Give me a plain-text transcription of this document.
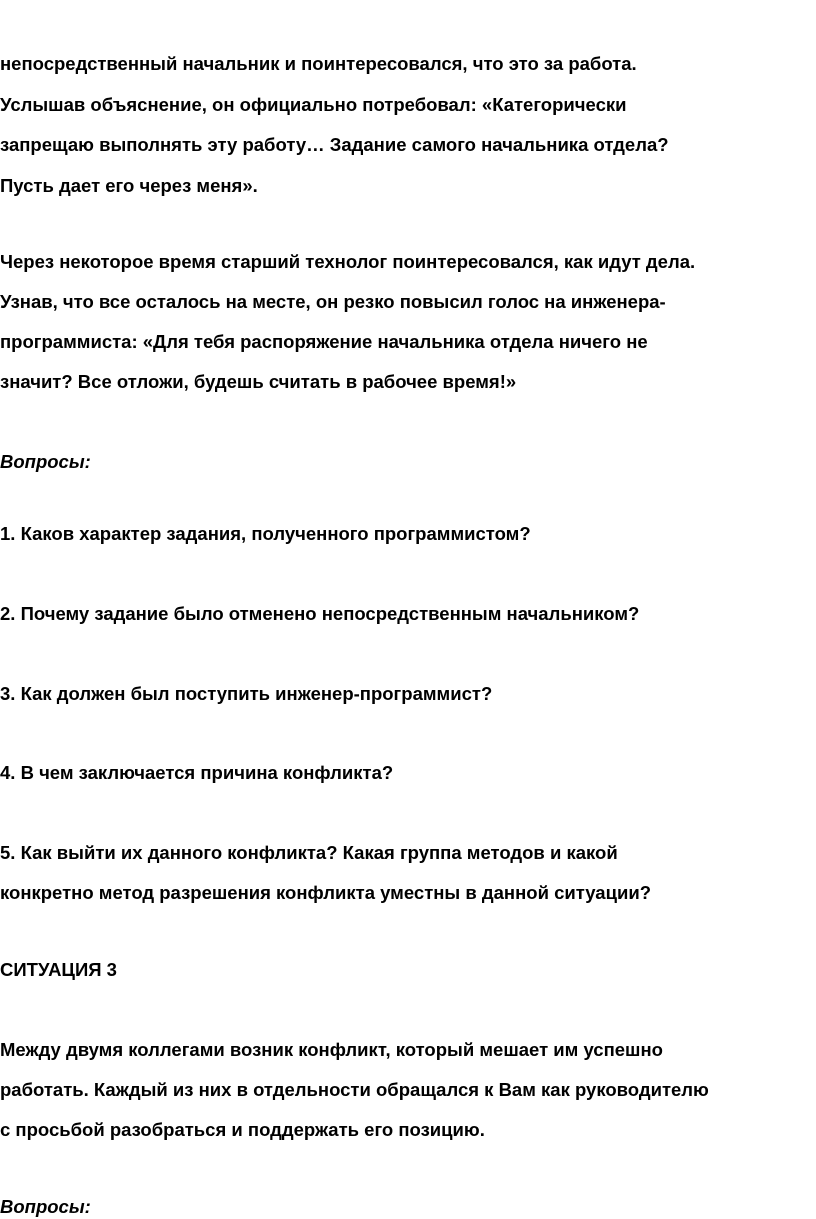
непосредственный начальник и поинтересовался, что это за работа.
Услышав объяснение, он официально потребовал: «Категорически
запрещаю выполнять эту работу… Задание самого начальника отдела?
Пусть дает его через меня».
Через некоторое время старший технолог поинтересовался, как идут дела.
Узнав, что все осталось на месте, он резко повысил голос на инженера-
программиста: «Для тебя распоряжение начальника отдела ничего не
значит? Все отложи, будешь считать в рабочее время!»
Вопросы:
1. Каков характер задания, полученного программистом?
2. Почему задание было отменено непосредственным начальником?
3. Как должен был поступить инженер-программист?
4. В чем заключается причина конфликта?
5. Как выйти их данного конфликта? Какая группа методов и какой
конкретно метод разрешения конфликта уместны в данной ситуации?
СИТУАЦИЯ 3
Между двумя коллегами возник конфликт, который мешает им успешно
работать. Каждый из них в отдельности обращался к Вам как руководителю
с просьбой разобраться и поддержать его позицию.
Вопросы:
